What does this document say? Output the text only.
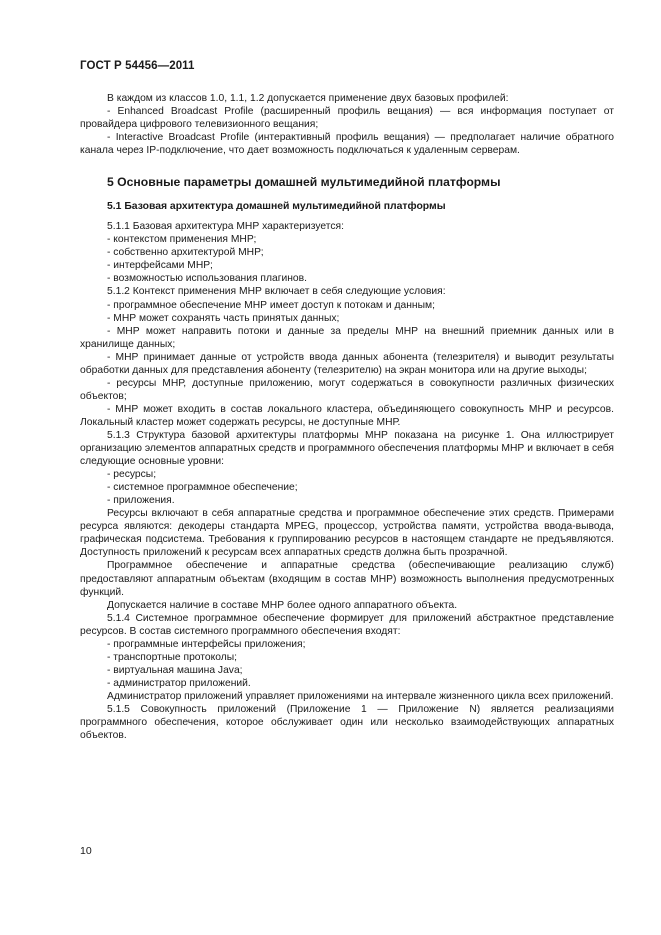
ГОСТ Р 54456—2011

В каждом из классов 1.0, 1.1, 1.2 допускается применение двух базовых профилей:

- Enhanced Broadcast Profile (расширенный профиль вещания) — вся информация поступает от провайдера цифрового телевизионного вещания;

- Interactive Broadcast Profile (интерактивный профиль вещания) — предполагает наличие обратного канала через IP-подключение, что дает возможность подключаться к удаленным серверам.

5 Основные параметры домашней мультимедийной платформы
5.1 Базовая архитектура домашней мультимедийной платформы

5.1.1 Базовая архитектура МНР характеризуется:

- контекстом применения МНР;

- собственно архитектурой МНР;

- интерфейсами МНР;

- возможностью использования плагинов.

5.1.2 Контекст применения МНР включает в себя следующие условия:

- программное обеспечение МНР имеет доступ к потокам и данным;

- МНР может сохранять часть принятых данных;

- МНР может направить потоки и данные за пределы МНР на внешний приемник данных или в хранилище данных;

- МНР принимает данные от устройств ввода данных абонента (телезрителя) и выводит результаты обработки данных для представления абоненту (телезрителю) на экран монитора или на другие выходы;

- ресурсы МНР, доступные приложению, могут содержаться в совокупности различных физических объектов;

- МНР может входить в состав локального кластера, объединяющего совокупность МНР и ресурсов. Локальный кластер может содержать ресурсы, не доступные МНР.

5.1.3 Структура базовой архитектуры платформы МНР показана на рисунке 1. Она иллюстрирует организацию элементов аппаратных средств и программного обеспечения платформы МНР и включает в себя следующие основные уровни:

- ресурсы;

- системное программное обеспечение;

- приложения.

Ресурсы включают в себя аппаратные средства и программное обеспечение этих средств. Примерами ресурса являются: декодеры стандарта MPEG, процессор, устройства памяти, устройства ввода-вывода, графическая подсистема. Требования к группированию ресурсов в настоящем стандарте не предъявляются. Доступность приложений к ресурсам всех аппаратных средств должна быть прозрачной.

Программное обеспечение и аппаратные средства (обеспечивающие реализацию служб) предоставляют аппаратным объектам (входящим в состав МНР) возможность выполнения предусмотренных функций.

Допускается наличие в составе МНР более одного аппаратного объекта.

5.1.4 Системное программное обеспечение формирует для приложений абстрактное представление ресурсов. В состав системного программного обеспечения входят:

- программные интерфейсы приложения;

- транспортные протоколы;

- виртуальная машина Java;

- администратор приложений.

Администратор приложений управляет приложениями на интервале жизненного цикла всех приложений.

5.1.5 Совокупность приложений (Приложение 1 — Приложение N) является реализациями программного обеспечения, которое обслуживает один или несколько взаимодействующих аппаратных объектов.

10
